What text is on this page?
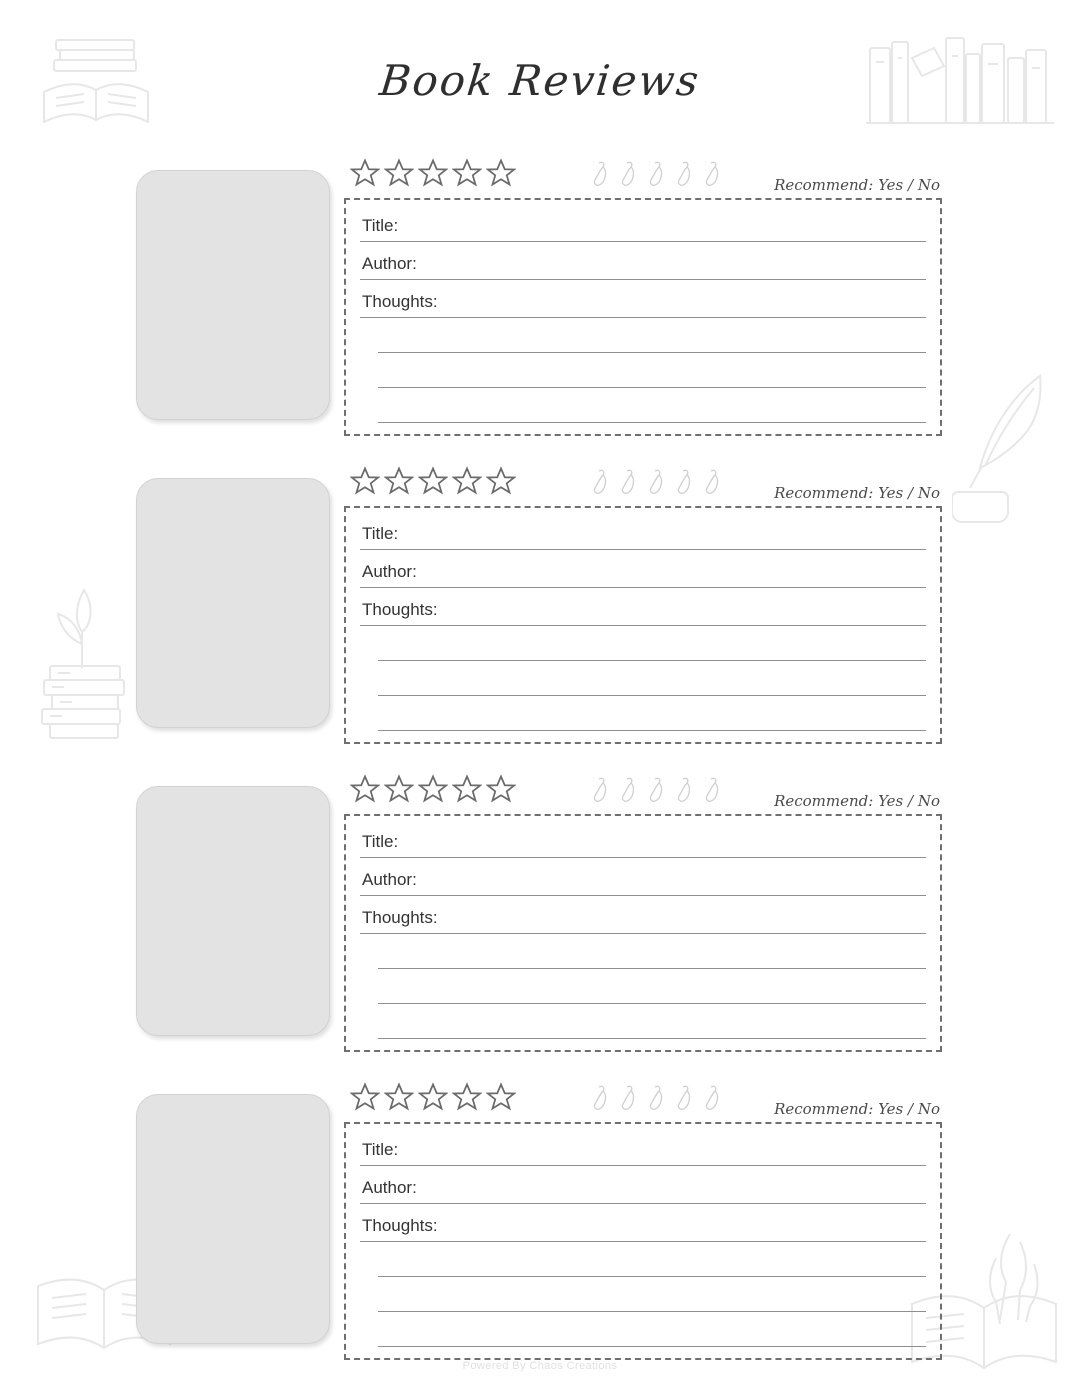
Book Reviews
Recommend: Yes / No
Title:
Author:
Thoughts:
Recommend: Yes / No
Title:
Author:
Thoughts:
Recommend: Yes / No
Title:
Author:
Thoughts:
Recommend: Yes / No
Title:
Author:
Thoughts:
Powered By Chaos Creations
